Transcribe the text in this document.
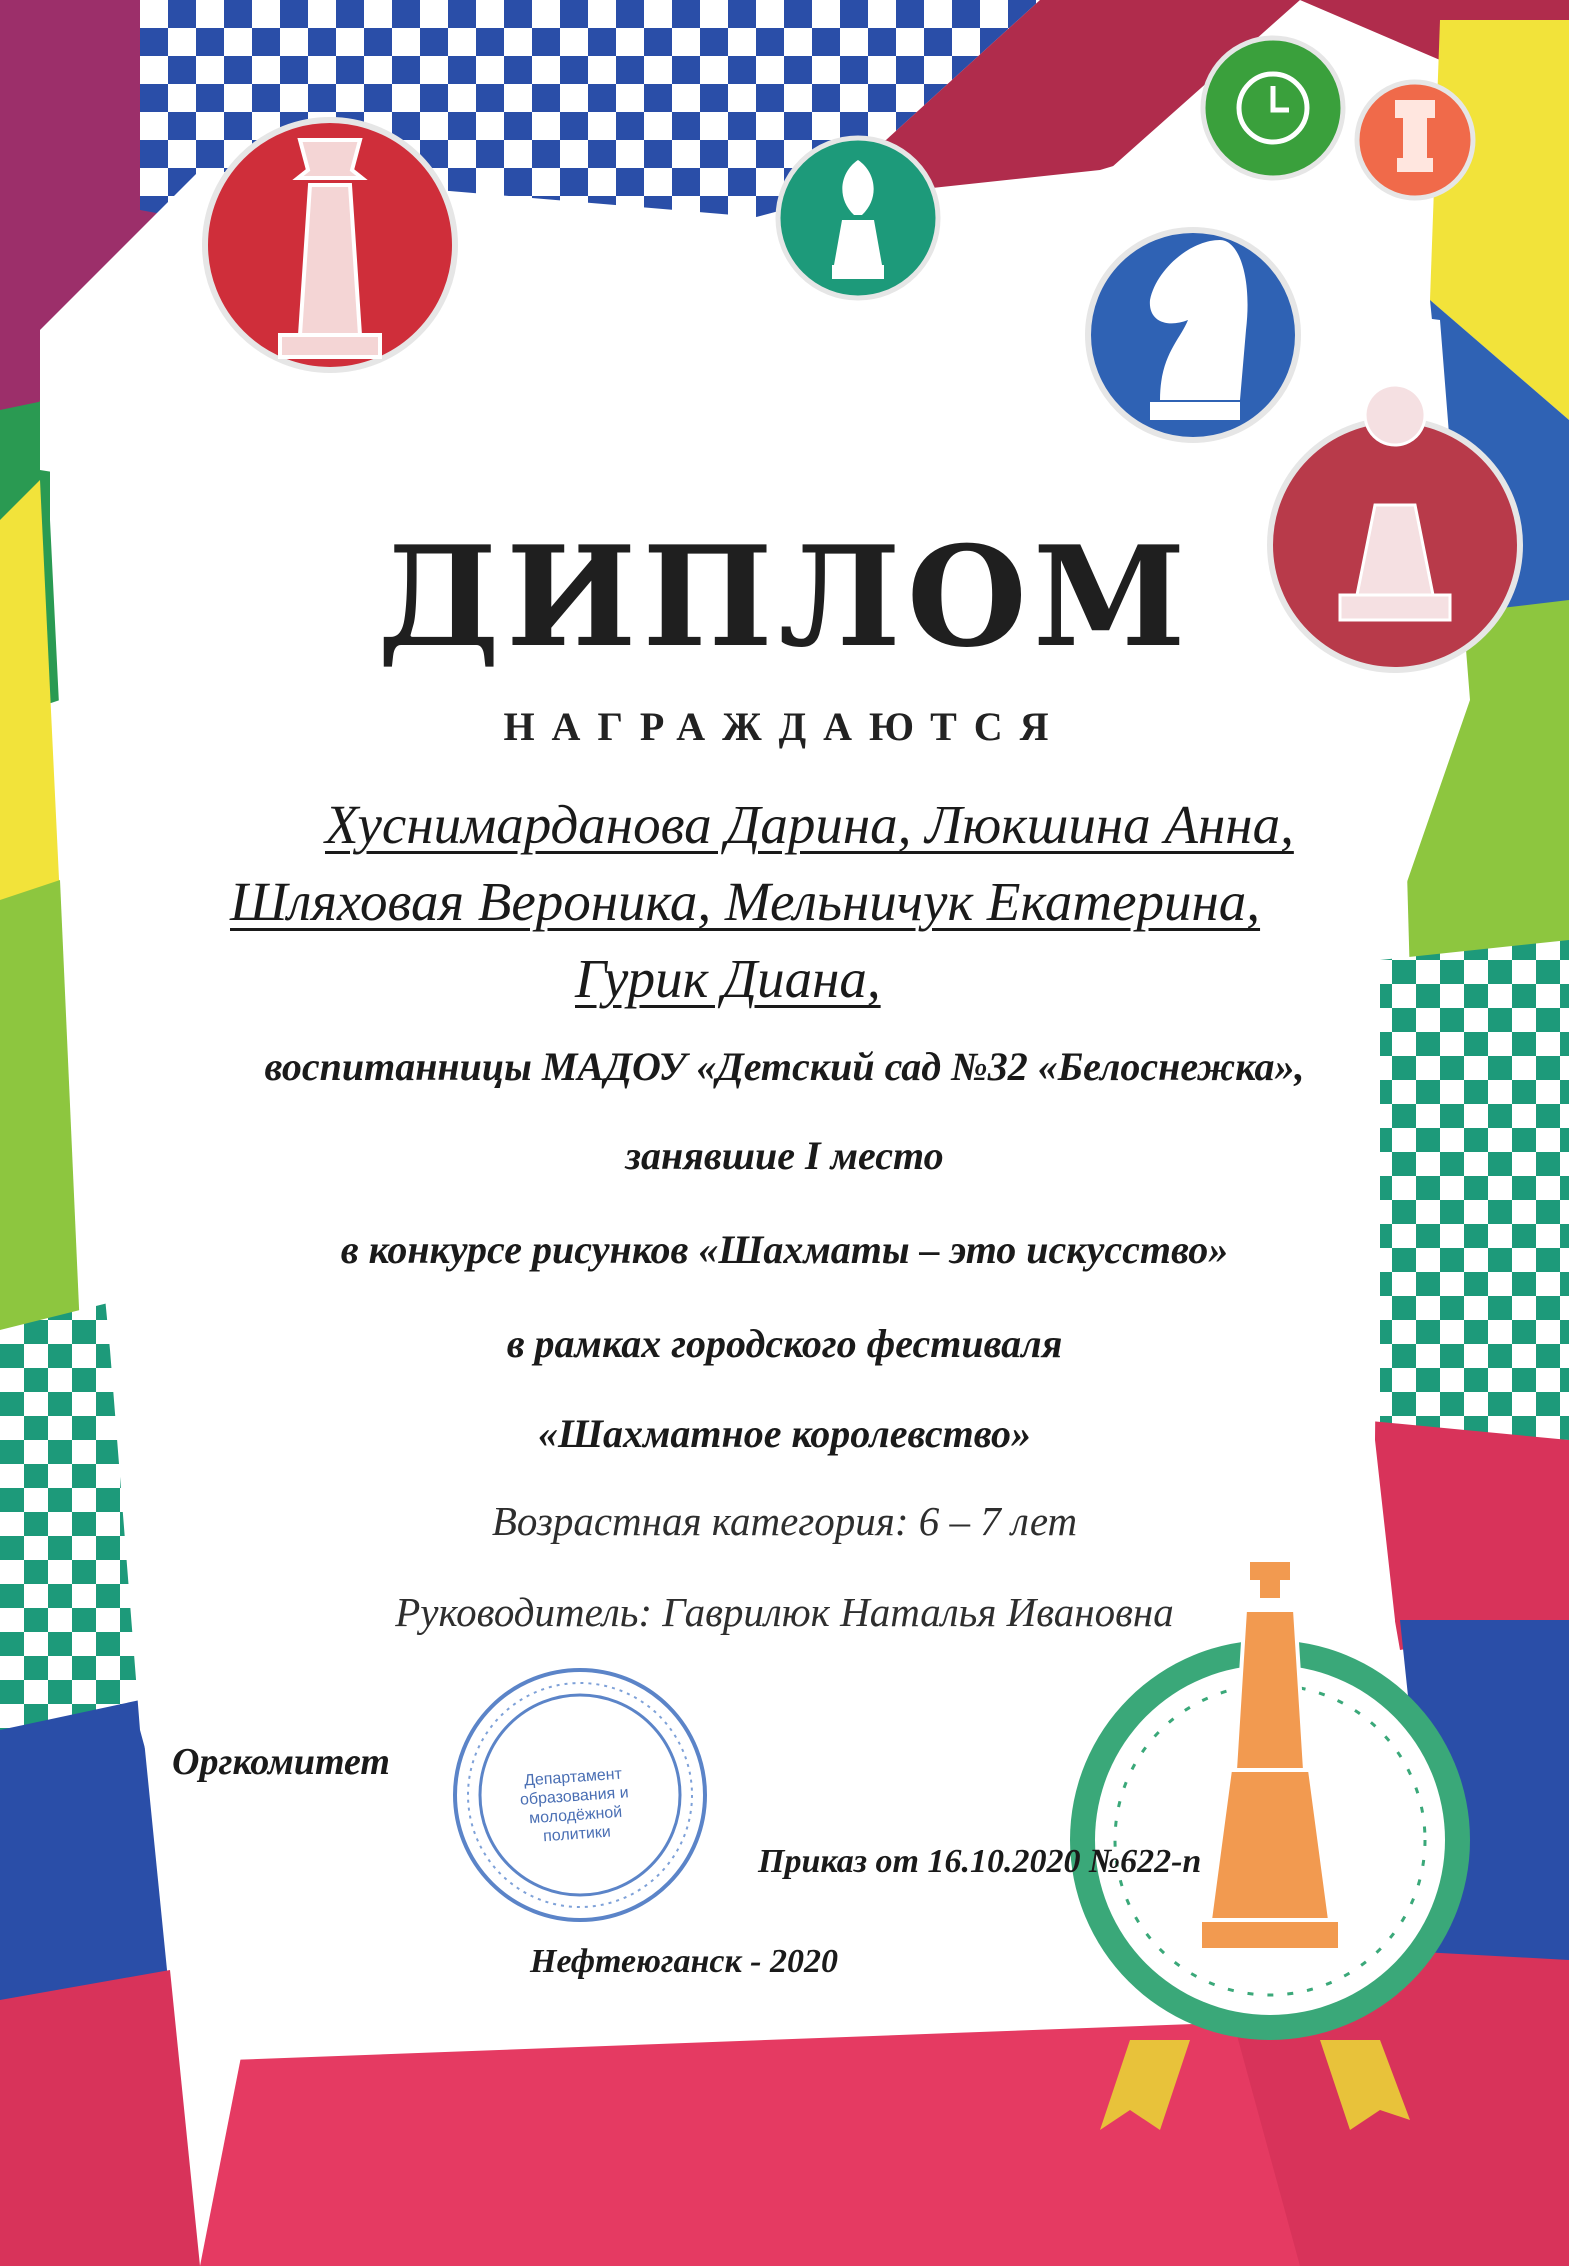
ДИПЛОМ
НАГРАЖДАЮТСЯ
Хуснимарданова Дарина, Люкшина Анна,
Шляховая Вероника, Мельничук Екатерина,
Гурик Диана,
воспитанницы МАДОУ «Детский сад №32 «Белоснежка»,
занявшие I место
в конкурсе рисунков «Шахматы – это искусство»
в рамках городского фестиваля
«Шахматное королевство»
Возрастная категория: 6 – 7 лет
Руководитель: Гаврилюк Наталья Ивановна
Оргкомитет
Приказ от 16.10.2020 №622-п
Нефтеюганск - 2020
Департамент образования и молодёжной политики
